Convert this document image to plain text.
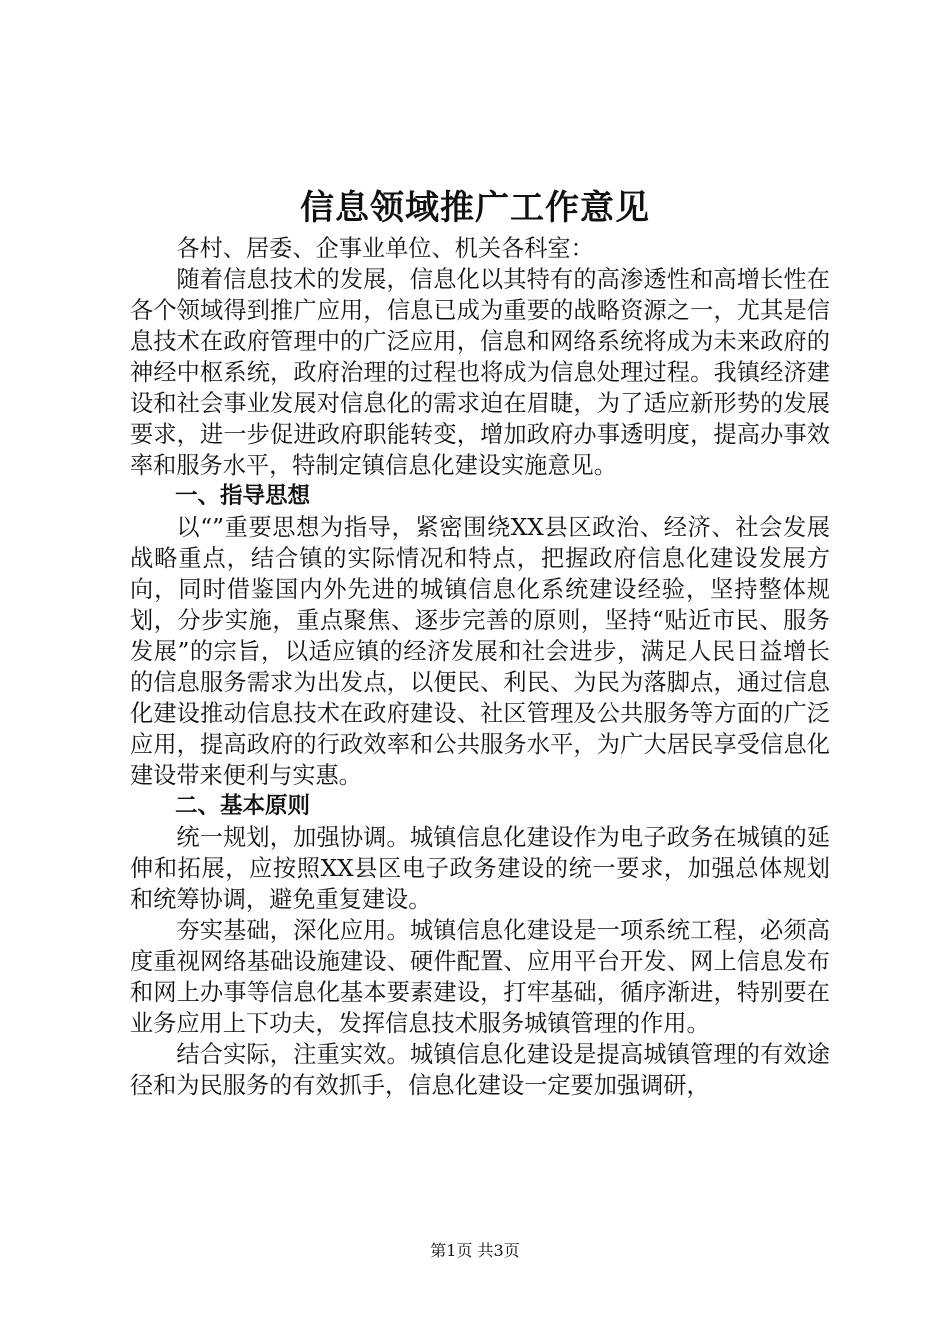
信息领域推广工作意见

各村、居委、企事业单位、机关各科室：

随着信息技术的发展，信息化以其特有的高渗透性和高增长性在各个领域得到推广应用，信息已成为重要的战略资源之一，尤其是信息技术在政府管理中的广泛应用，信息和网络系统将成为未来政府的神经中枢系统，政府治理的过程也将成为信息处理过程。我镇经济建设和社会事业发展对信息化的需求迫在眉睫，为了适应新形势的发展要求，进一步促进政府职能转变，增加政府办事透明度，提高办事效率和服务水平，特制定镇信息化建设实施意见。

一、指导思想

以“”重要思想为指导，紧密围绕XX县区政治、经济、社会发展战略重点，结合镇的实际情况和特点，把握政府信息化建设发展方向，同时借鉴国内外先进的城镇信息化系统建设经验，坚持整体规划，分步实施，重点聚焦、逐步完善的原则，坚持“贴近市民、服务发展”的宗旨，以适应镇的经济发展和社会进步，满足人民日益增长的信息服务需求为出发点，以便民、利民、为民为落脚点，通过信息化建设推动信息技术在政府建设、社区管理及公共服务等方面的广泛应用，提高政府的行政效率和公共服务水平，为广大居民享受信息化建设带来便利与实惠。

二、基本原则

统一规划，加强协调。城镇信息化建设作为电子政务在城镇的延伸和拓展，应按照XX县区电子政务建设的统一要求，加强总体规划和统筹协调，避免重复建设。

夯实基础，深化应用。城镇信息化建设是一项系统工程，必须高度重视网络基础设施建设、硬件配置、应用平台开发、网上信息发布和网上办事等信息化基本要素建设，打牢基础，循序渐进，特别要在业务应用上下功夫，发挥信息技术服务城镇管理的作用。

结合实际，注重实效。城镇信息化建设是提高城镇管理的有效途径和为民服务的有效抓手，信息化建设一定要加强调研，

第1页 共3页
